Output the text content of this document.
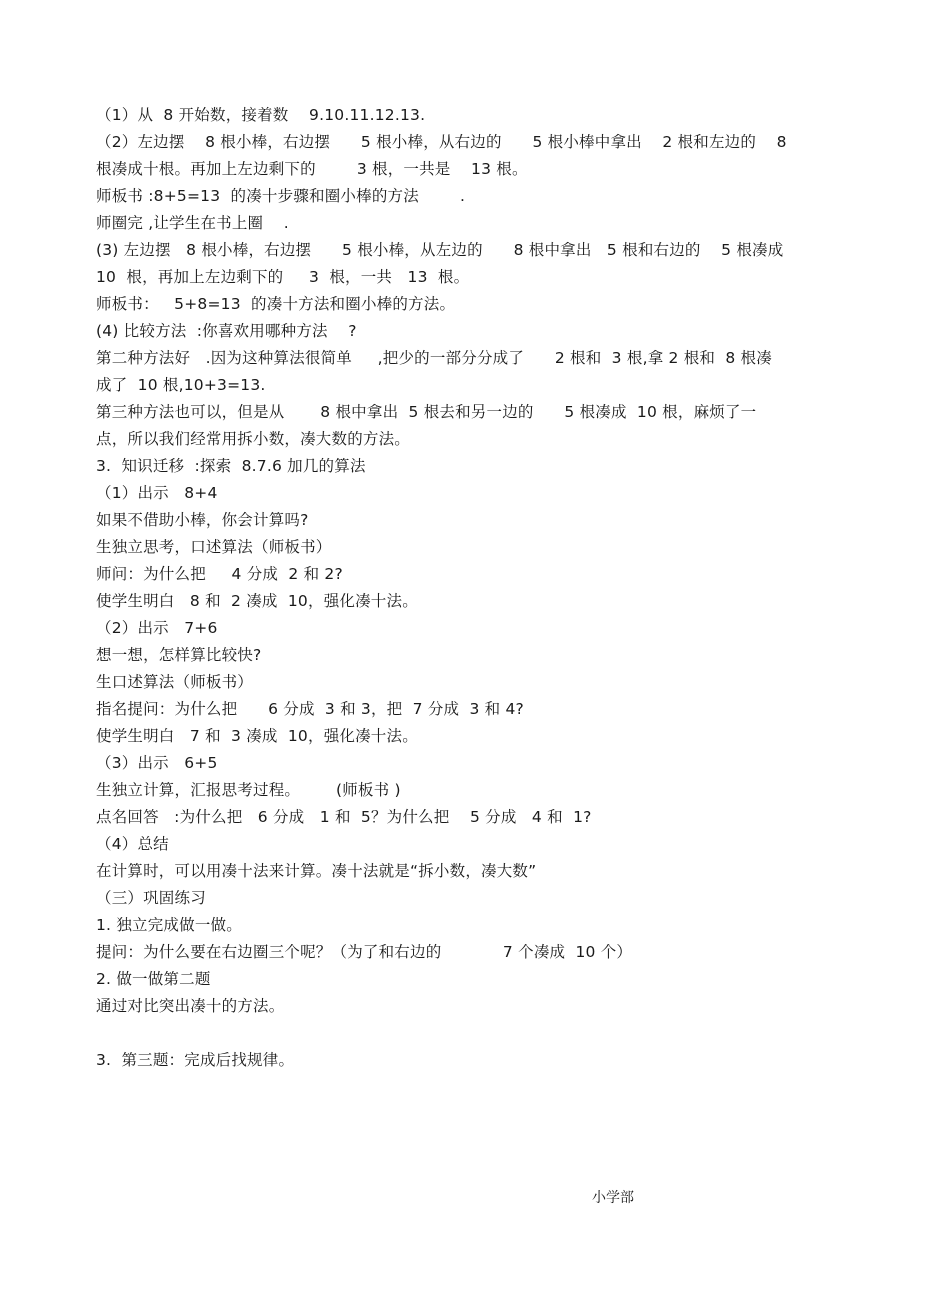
（1）从  8 开始数，接着数    9.10.11.12.13.
（2）左边摆    8 根小棒，右边摆      5 根小棒，从右边的      5 根小棒中拿出    2 根和左边的    8
根凑成十根。再加上左边剩下的        3 根，一共是    13 根。
师板书 :8+5=13  的凑十步骤和圈小棒的方法        .
师圈完 ,让学生在书上圈    .
(3) 左边摆   8 根小棒，右边摆      5 根小棒，从左边的      8 根中拿出   5 根和右边的    5 根凑成
10  根，再加上左边剩下的     3  根，一共   13  根。
师板书：   5+8=13  的凑十方法和圈小棒的方法。
(4) 比较方法  :你喜欢用哪种方法    ?
第二种方法好   .因为这种算法很简单     ,把少的一部分分成了      2 根和  3 根,拿 2 根和  8 根凑
成了  10 根,10+3=13.
第三种方法也可以，但是从       8 根中拿出  5 根去和另一边的      5 根凑成  10 根，麻烦了一
点，所以我们经常用拆小数，凑大数的方法。
3.  知识迁移  :探索  8.7.6 加几的算法
（1）出示   8+4
如果不借助小棒，你会计算吗?
生独立思考，口述算法（师板书）
师问：为什么把     4 分成  2 和 2?
使学生明白   8 和  2 凑成  10，强化凑十法。
（2）出示   7+6
想一想，怎样算比较快?
生口述算法（师板书）
指名提问：为什么把      6 分成  3 和 3，把  7 分成  3 和 4?
使学生明白   7 和  3 凑成  10，强化凑十法。
（3）出示   6+5
生独立计算，汇报思考过程。       (师板书 )
点名回答   :为什么把   6 分成   1 和  5？为什么把    5 分成   4 和  1?
（4）总结
在计算时，可以用凑十法来计算。凑十法就是“拆小数，凑大数”
（三）巩固练习
1. 独立完成做一做。
提问：为什么要在右边圈三个呢？（为了和右边的            7 个凑成  10 个）
2. 做一做第二题
通过对比突出凑十的方法。
3.  第三题：完成后找规律。
小学部
